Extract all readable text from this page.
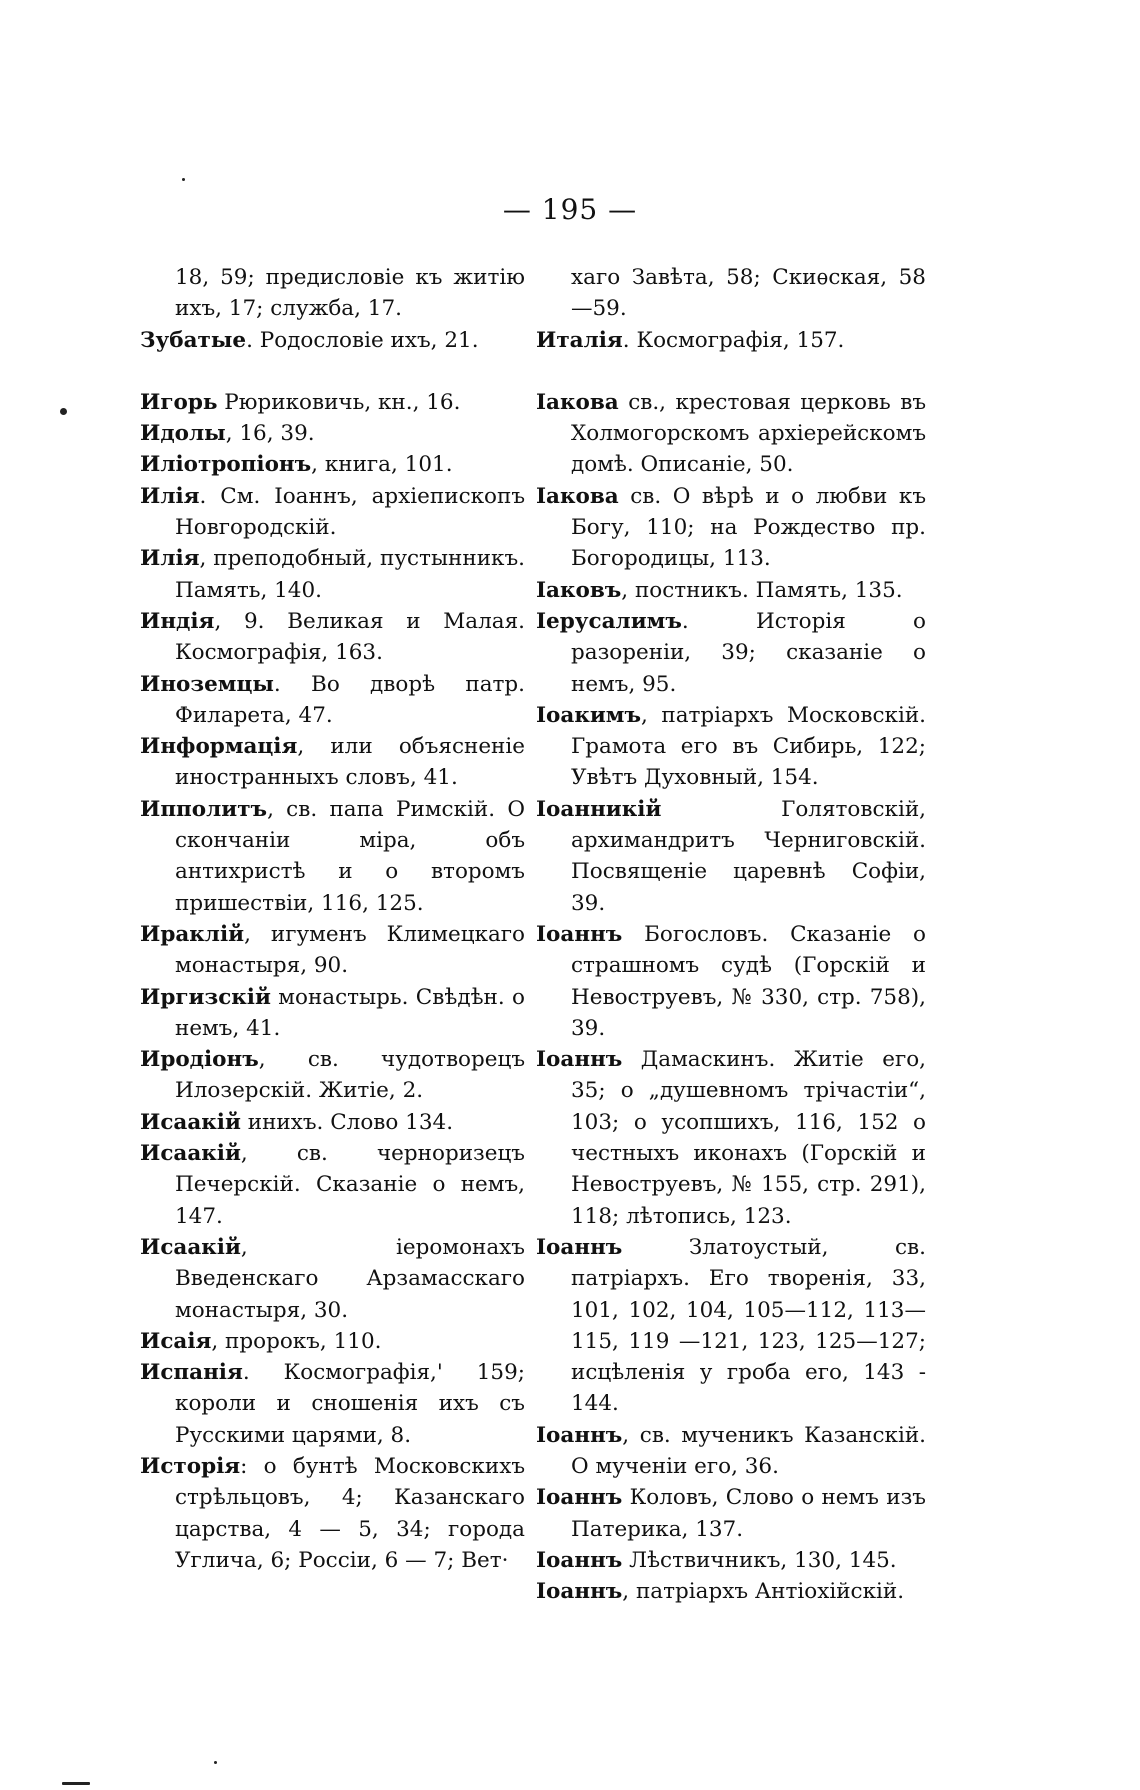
— 195 —
18, 59; предисловіе къ житію ихъ, 17; служба, 17.
Зубатые. Родословіе ихъ, 21.
Игорь Рюриковичь, кн., 16.
Идолы, 16, 39.
Иліотропіонъ, книга, 101.
Илія. См. Іоаннъ, архіепископъ Новгородскій.
Илія, преподобный, пустынникъ. Память, 140.
Индія, 9. Великая и Малая. Космографія, 163.
Иноземцы. Во дворѣ патр. Филарета, 47.
Информація, или объясненіе иностранныхъ словъ, 41.
Ипполитъ, св. папа Римскій. О скончаніи міра, объ антихристѣ и о второмъ пришествіи, 116, 125.
Ираклій, игуменъ Климецкаго монастыря, 90.
Иргизскій монастырь. Свѣдѣн. о немъ, 41.
Иродіонъ, св. чудотворецъ Илозерскій. Житіе, 2.
Исаакій инихъ. Слово 134.
Исаакій, св. черноризецъ Печерскій. Сказаніе о немъ, 147.
Исаакій, іеромонахъ Введенскаго Арзамасскаго монастыря, 30.
Исаія, пророкъ, 110.
Испанія. Космографія,' 159; короли и сношенія ихъ съ Русскими царями, 8.
Исторія: о бунтѣ Московскихъ стрѣльцовъ, 4; Казанскаго царства, 4 — 5, 34; города Углича, 6; Россіи, 6 — 7; Вет·
хаго Завѣта, 58; Скиѳская, 58—59.
Италія. Космографія, 157.
Іакова св., крестовая церковь въ Холмогорскомъ архіерейскомъ домѣ. Описаніе, 50.
Іакова св. О вѣрѣ и о любви къ Богу, 110; на Рождество пр. Богородицы, 113.
Іаковъ, постникъ. Память, 135.
Іерусалимъ. Исторія о разореніи, 39; сказаніе о немъ, 95.
Іоакимъ, патріархъ Московскій. Грамота его въ Сибирь, 122; Увѣтъ Духовный, 154.
Іоанникій Голятовскій, архимандритъ Черниговскій. Посвященіе царевнѣ Софіи, 39.
Іоаннъ Богословъ. Сказаніе о страшномъ судѣ (Горскій и Невоструевъ, № 330, стр. 758), 39.
Іоаннъ Дамаскинъ. Житіе его, 35; о „душевномъ трічастіи“, 103; о усопшихъ, 116, 152 о честныхъ иконахъ (Горскій и Невоструевъ, № 155, стр. 291), 118; лѣтопись, 123.
Іоаннъ Златоустый, св. патріархъ. Его творенія, 33, 101, 102, 104, 105—112, 113—115, 119 —121, 123, 125—127; исцѣленія у гроба его, 143 - 144.
Іоаннъ, св. мученикъ Казанскій. О мученіи его, 36.
Іоаннъ Коловъ, Слово о немъ изъ Патерика, 137.
Іоаннъ Лѣствичникъ, 130, 145.
Іоаннъ, патріархъ Антіохійскій.
